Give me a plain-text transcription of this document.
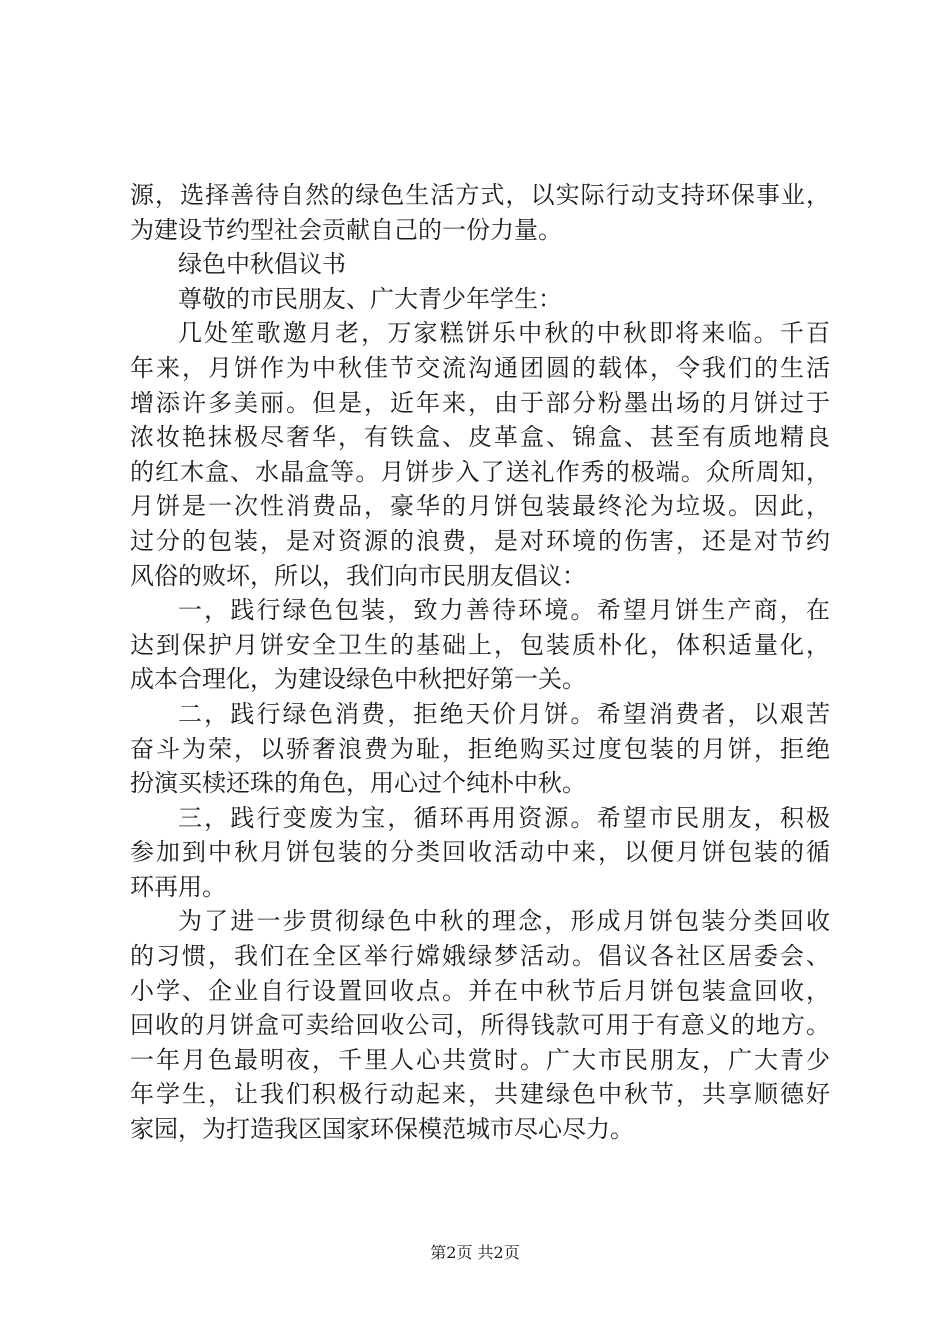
源，选择善待自然的绿色生活方式，以实际行动支持环保事业，
为建设节约型社会贡献自己的一份力量。
绿色中秋倡议书
尊敬的市民朋友、广大青少年学生：
几处笙歌邀月老，万家糕饼乐中秋的中秋即将来临。千百
年来，月饼作为中秋佳节交流沟通团圆的载体，令我们的生活
增添许多美丽。但是，近年来，由于部分粉墨出场的月饼过于
浓妆艳抹极尽奢华，有铁盒、皮革盒、锦盒、甚至有质地精良
的红木盒、水晶盒等。月饼步入了送礼作秀的极端。众所周知，
月饼是一次性消费品，豪华的月饼包装最终沦为垃圾。因此，
过分的包装，是对资源的浪费，是对环境的伤害，还是对节约
风俗的败坏，所以，我们向市民朋友倡议：
一，践行绿色包装，致力善待环境。希望月饼生产商，在
达到保护月饼安全卫生的基础上，包装质朴化，体积适量化，
成本合理化，为建设绿色中秋把好第一关。
二，践行绿色消费，拒绝天价月饼。希望消费者，以艰苦
奋斗为荣，以骄奢浪费为耻，拒绝购买过度包装的月饼，拒绝
扮演买椟还珠的角色，用心过个纯朴中秋。
三，践行变废为宝，循环再用资源。希望市民朋友，积极
参加到中秋月饼包装的分类回收活动中来，以便月饼包装的循
环再用。
为了进一步贯彻绿色中秋的理念，形成月饼包装分类回收
的习惯，我们在全区举行嫦娥绿梦活动。倡议各社区居委会、
小学、企业自行设置回收点。并在中秋节后月饼包装盒回收，
回收的月饼盒可卖给回收公司，所得钱款可用于有意义的地方。
一年月色最明夜，千里人心共赏时。广大市民朋友，广大青少
年学生，让我们积极行动起来，共建绿色中秋节，共享顺德好
家园，为打造我区国家环保模范城市尽心尽力。
第2页 共2页
